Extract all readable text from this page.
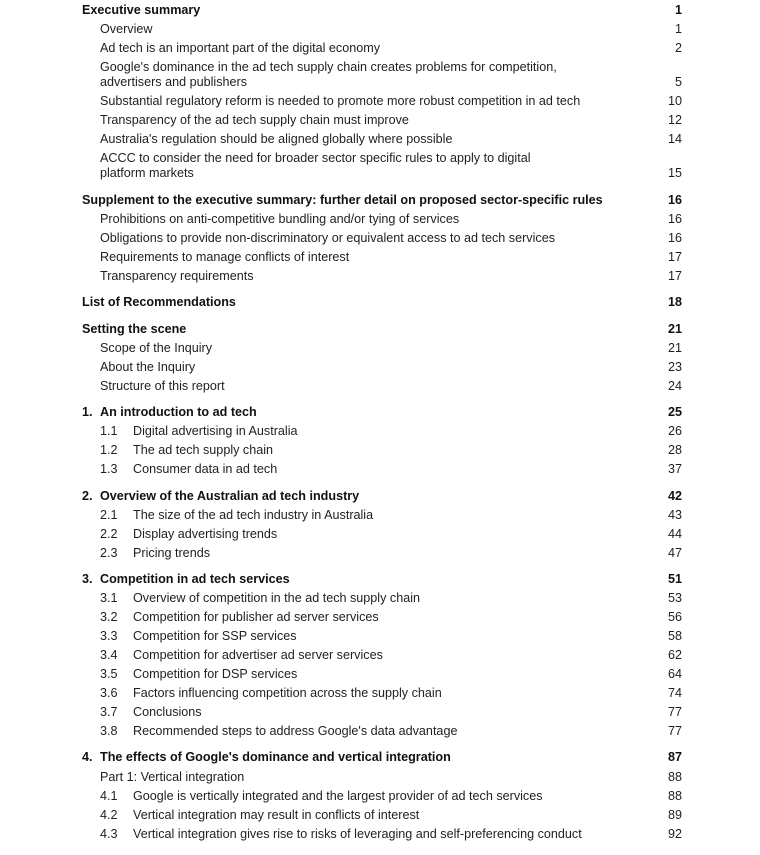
Executive summary	1
Overview	1
Ad tech is an important part of the digital economy	2
Google's dominance in the ad tech supply chain creates problems for competition,
advertisers and publishers	5
Substantial regulatory reform is needed to promote more robust competition in ad tech	10
Transparency of the ad tech supply chain must improve	12
Australia's regulation should be aligned globally where possible	14
ACCC to consider the need for broader sector specific rules to apply to digital
platform markets	15
Supplement to the executive summary: further detail on proposed sector-specific rules	16
Prohibitions on anti-competitive bundling and/or tying of services	16
Obligations to provide non-discriminatory or equivalent access to ad tech services	16
Requirements to manage conflicts of interest	17
Transparency requirements	17
List of Recommendations	18
Setting the scene	21
Scope of the Inquiry	21
About the Inquiry	23
Structure of this report	24
1. An introduction to ad tech	25
1.1 Digital advertising in Australia	26
1.2 The ad tech supply chain	28
1.3 Consumer data in ad tech	37
2. Overview of the Australian ad tech industry	42
2.1 The size of the ad tech industry in Australia	43
2.2 Display advertising trends	44
2.3 Pricing trends	47
3. Competition in ad tech services	51
3.1 Overview of competition in the ad tech supply chain	53
3.2 Competition for publisher ad server services	56
3.3 Competition for SSP services	58
3.4 Competition for advertiser ad server services	62
3.5 Competition for DSP services	64
3.6 Factors influencing competition across the supply chain	74
3.7 Conclusions	77
3.8 Recommended steps to address Google's data advantage	77
4. The effects of Google's dominance and vertical integration	87
Part 1: Vertical integration	88
4.1 Google is vertically integrated and the largest provider of ad tech services	88
4.2 Vertical integration may result in conflicts of interest	89
4.3 Vertical integration gives rise to risks of leveraging and self-preferencing conduct	92
